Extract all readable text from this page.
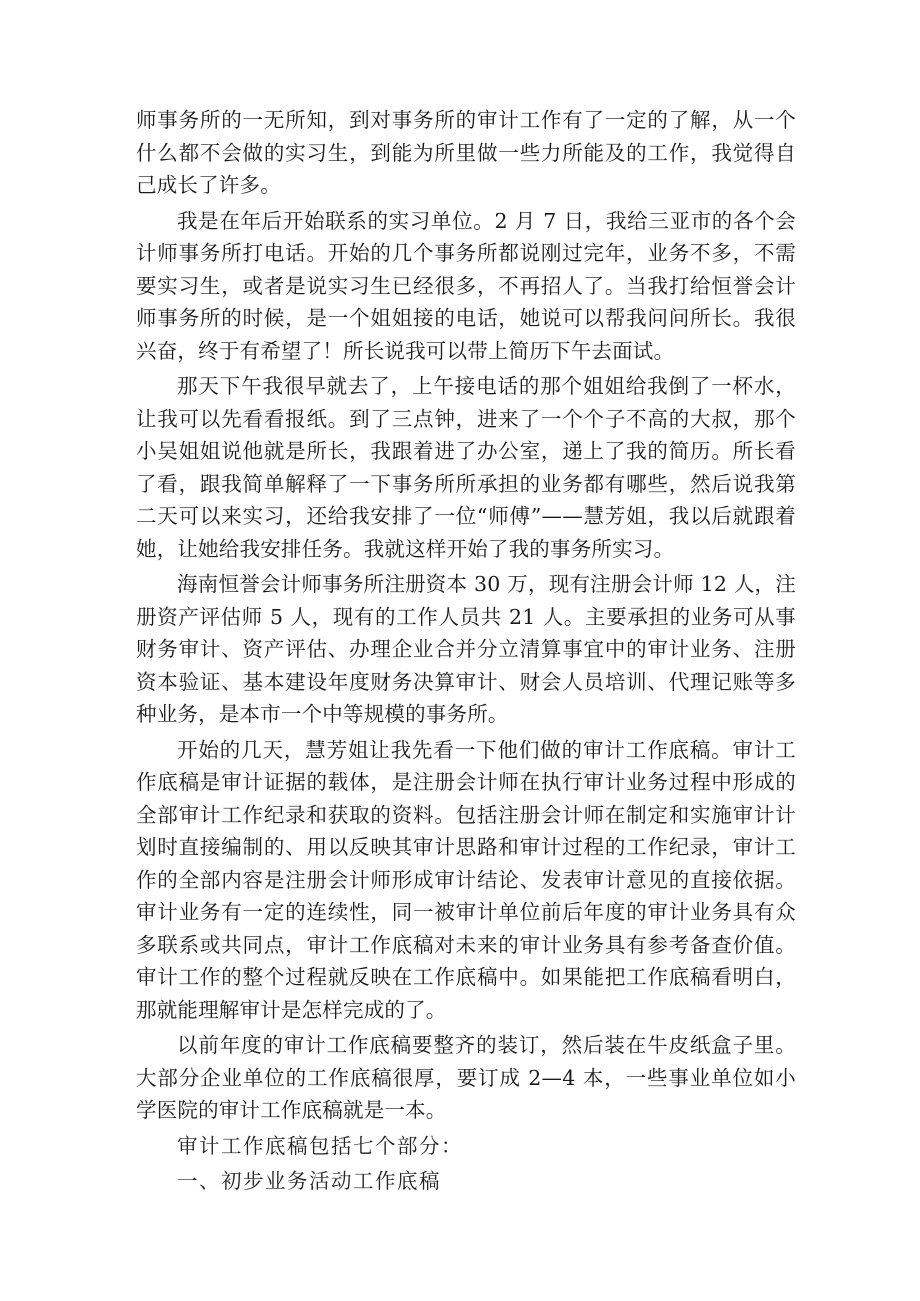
师事务所的一无所知，到对事务所的审计工作有了一定的了解，从一个什么都不会做的实习生，到能为所里做一些力所能及的工作，我觉得自己成长了许多。

我是在年后开始联系的实习单位。2 月 7 日，我给三亚市的各个会计师事务所打电话。开始的几个事务所都说刚过完年，业务不多，不需要实习生，或者是说实习生已经很多，不再招人了。当我打给恒誉会计师事务所的时候，是一个姐姐接的电话，她说可以帮我问问所长。我很兴奋，终于有希望了！所长说我可以带上简历下午去面试。

那天下午我很早就去了，上午接电话的那个姐姐给我倒了一杯水，让我可以先看看报纸。到了三点钟，进来了一个个子不高的大叔，那个小吴姐姐说他就是所长，我跟着进了办公室，递上了我的简历。所长看了看，跟我简单解释了一下事务所所承担的业务都有哪些，然后说我第二天可以来实习，还给我安排了一位“师傅”——慧芳姐，我以后就跟着她，让她给我安排任务。我就这样开始了我的事务所实习。

海南恒誉会计师事务所注册资本 30 万，现有注册会计师 12 人，注册资产评估师 5 人，现有的工作人员共 21 人。主要承担的业务可从事财务审计、资产评估、办理企业合并分立清算事宜中的审计业务、注册资本验证、基本建设年度财务决算审计、财会人员培训、代理记账等多种业务，是本市一个中等规模的事务所。

开始的几天，慧芳姐让我先看一下他们做的审计工作底稿。审计工作底稿是审计证据的载体，是注册会计师在执行审计业务过程中形成的全部审计工作纪录和获取的资料。包括注册会计师在制定和实施审计计划时直接编制的、用以反映其审计思路和审计过程的工作纪录，审计工作的全部内容是注册会计师形成审计结论、发表审计意见的直接依据。审计业务有一定的连续性，同一被审计单位前后年度的审计业务具有众多联系或共同点，审计工作底稿对未来的审计业务具有参考备查价值。审计工作的整个过程就反映在工作底稿中。如果能把工作底稿看明白，那就能理解审计是怎样完成的了。

以前年度的审计工作底稿要整齐的装订，然后装在牛皮纸盒子里。大部分企业单位的工作底稿很厚，要订成 2—4 本，一些事业单位如小学医院的审计工作底稿就是一本。

审计工作底稿包括七个部分：

一、初步业务活动工作底稿
